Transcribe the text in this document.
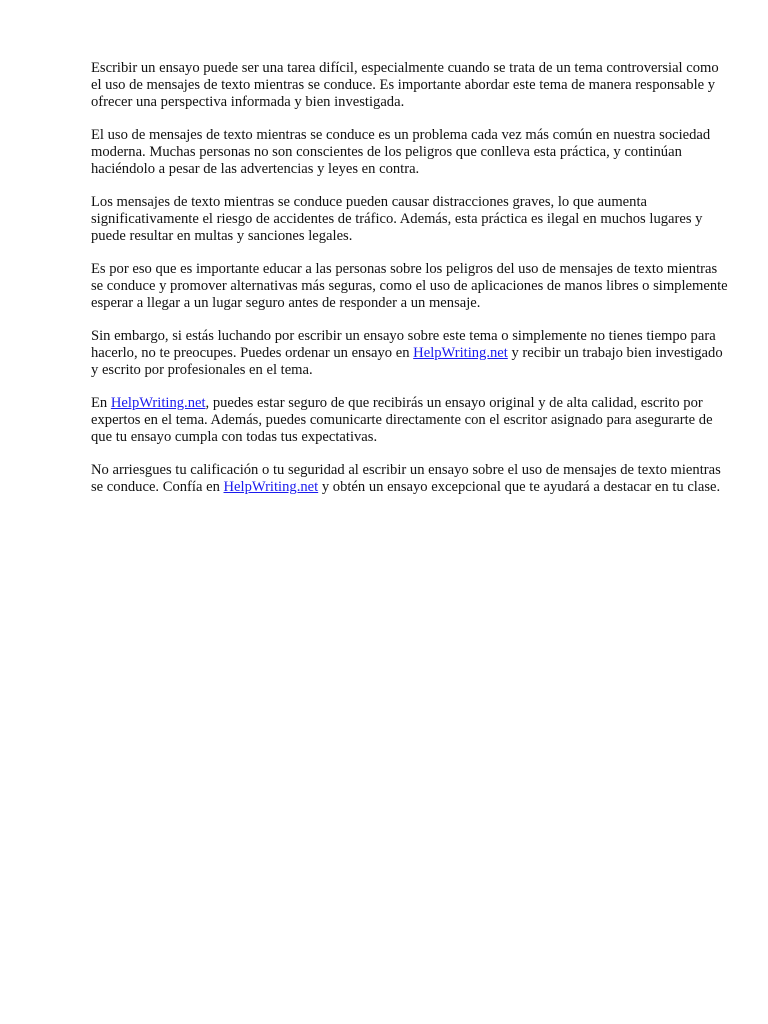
Escribir un ensayo puede ser una tarea difícil, especialmente cuando se trata de un tema controversial como el uso de mensajes de texto mientras se conduce. Es importante abordar este tema de manera responsable y ofrecer una perspectiva informada y bien investigada.

El uso de mensajes de texto mientras se conduce es un problema cada vez más común en nuestra sociedad moderna. Muchas personas no son conscientes de los peligros que conlleva esta práctica, y continúan haciéndolo a pesar de las advertencias y leyes en contra.

Los mensajes de texto mientras se conduce pueden causar distracciones graves, lo que aumenta significativamente el riesgo de accidentes de tráfico. Además, esta práctica es ilegal en muchos lugares y puede resultar en multas y sanciones legales.

Es por eso que es importante educar a las personas sobre los peligros del uso de mensajes de texto mientras se conduce y promover alternativas más seguras, como el uso de aplicaciones de manos libres o simplemente esperar a llegar a un lugar seguro antes de responder a un mensaje.

Sin embargo, si estás luchando por escribir un ensayo sobre este tema o simplemente no tienes tiempo para hacerlo, no te preocupes. Puedes ordenar un ensayo en HelpWriting.net y recibir un trabajo bien investigado y escrito por profesionales en el tema.

En HelpWriting.net, puedes estar seguro de que recibirás un ensayo original y de alta calidad, escrito por expertos en el tema. Además, puedes comunicarte directamente con el escritor asignado para asegurarte de que tu ensayo cumpla con todas tus expectativas.

No arriesgues tu calificación o tu seguridad al escribir un ensayo sobre el uso de mensajes de texto mientras se conduce. Confía en HelpWriting.net y obtén un ensayo excepcional que te ayudará a destacar en tu clase.
